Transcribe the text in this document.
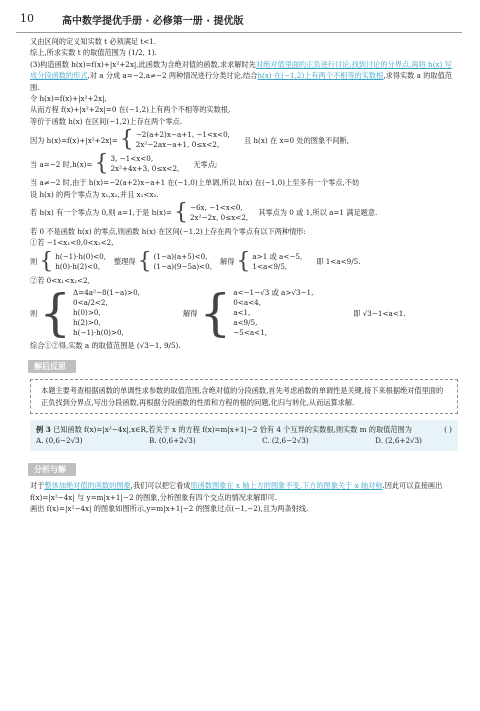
10	高中数学提优手册 · 必修第一册 · 提优版
又由区间的定义知实数 t 必须满足 t<1.
综上,所求实数 t 的取值范围为 (1/2, 1).
(3)构造函数 h(x)=f(x)+|x²+2x|,此函数为含绝对值的函数,求求解时先对绝对值里面的正负进行讨论,找到讨论的分界点,再将 h(x) 写成分段函数的形式,对 a 分成 a=−2,a≠−2 两种情况进行分类讨论,结合h(x) 在(−1,2)上有两个不相等的实数根,求得实数 a 的取值范围.
令 h(x)=f(x)+|x²+2x|,
从而方程 f(x)+|x²+2x|=0 在(−1,2)上有两个不相等的实数根,
等价于函数 h(x) 在区间(−1,2)上存在两个零点.
因为 h(x)=f(x)+|x²+2x|= { −2(a+2)x−a+1, −1<x<0,
2x²−2ax−a+1, 0≤x<2,
且 h(x) 在 x=0 处的图象不间断,
当 a=−2 时,h(x)= { 3, −1<x<0,
2x²+4x+3, 0≤x<2,
无零点;
当 a≠−2 时,由于 h(x)=−2(a+2)x−a+1 在(−1,0)上单调,所以 h(x) 在(−1,0)上至多有一个零点,不妨
设 h(x) 的两个零点为 x₁,x₂,并且 x₁<x₂.
若 h(x) 有一个零点为 0,则 a=1,于是 h(x)= { −6x, −1<x<0,
2x²−2x, 0≤x<2,
其零点为 0 或 1,所以 a=1 满足题意.
若 0 不是函数 h(x) 的零点,则函数 h(x) 在区间(−1,2)上存在两个零点有以下两种情形:
①若 −1<x₁<0,0<x₂<2,
则 { h(−1)·h(0)<0,
h(0)·h(2)<0,
整理得 { (1−a)(a+5)<0,
(1−a)(9−5a)<0,
解得 { a>1 或 a<−5,
1<a<9/5,
即 1<a<9/5.
②若 0<x₁<x₂<2,
则 { Δ=4a²−8(1−a)>0,
0<a/2<2,
h(0)>0,
h(2)>0,
h(−1)·h(0)>0,
解得 { a<−1−√3 或 a>√3−1,
0<a<4,
a<1,
a<9/5,
−5<a<1,
即 √3−1<a<1.
综合①②得,实数 a 的取值范围是 (√3−1, 9/5).
解后反思
本题主要考查根据函数的单调性求参数的取值范围,含绝对值的分段函数,首先考虑函数的单调性是关键,接下来根据绝对值里面的正负找到分界点,写出分段函数,再根据分段函数的性质和方程的根的问题,化归与转化,从而运算求解.
例 3 已知函数 f(x)=|x²−4x|,x∈R,若关于 x 的方程 f(x)=m|x+1|−2 恰有 4 个互异的实数根,则实数 m 的取值范围为	( )
A. (0,6−2√3)	B. (0,6+2√3)	C. (2,6−2√3)	D. (2,6+2√3)
分析与解
对于整体加绝对值的函数的图象,我们可以把它看成原函数图象在 x 轴上方的图象不变,下方的图象关于 x 轴对称.因此可以直接画出 f(x)=|x²−4x| 与 y=m|x+1|−2 的图象,分析图象有四个交点的情况求解即可.
画出 f(x)=|x²−4x| 的图象如图所示,y=m|x+1|−2 的图象过点(−1,−2),且为两条射线.
